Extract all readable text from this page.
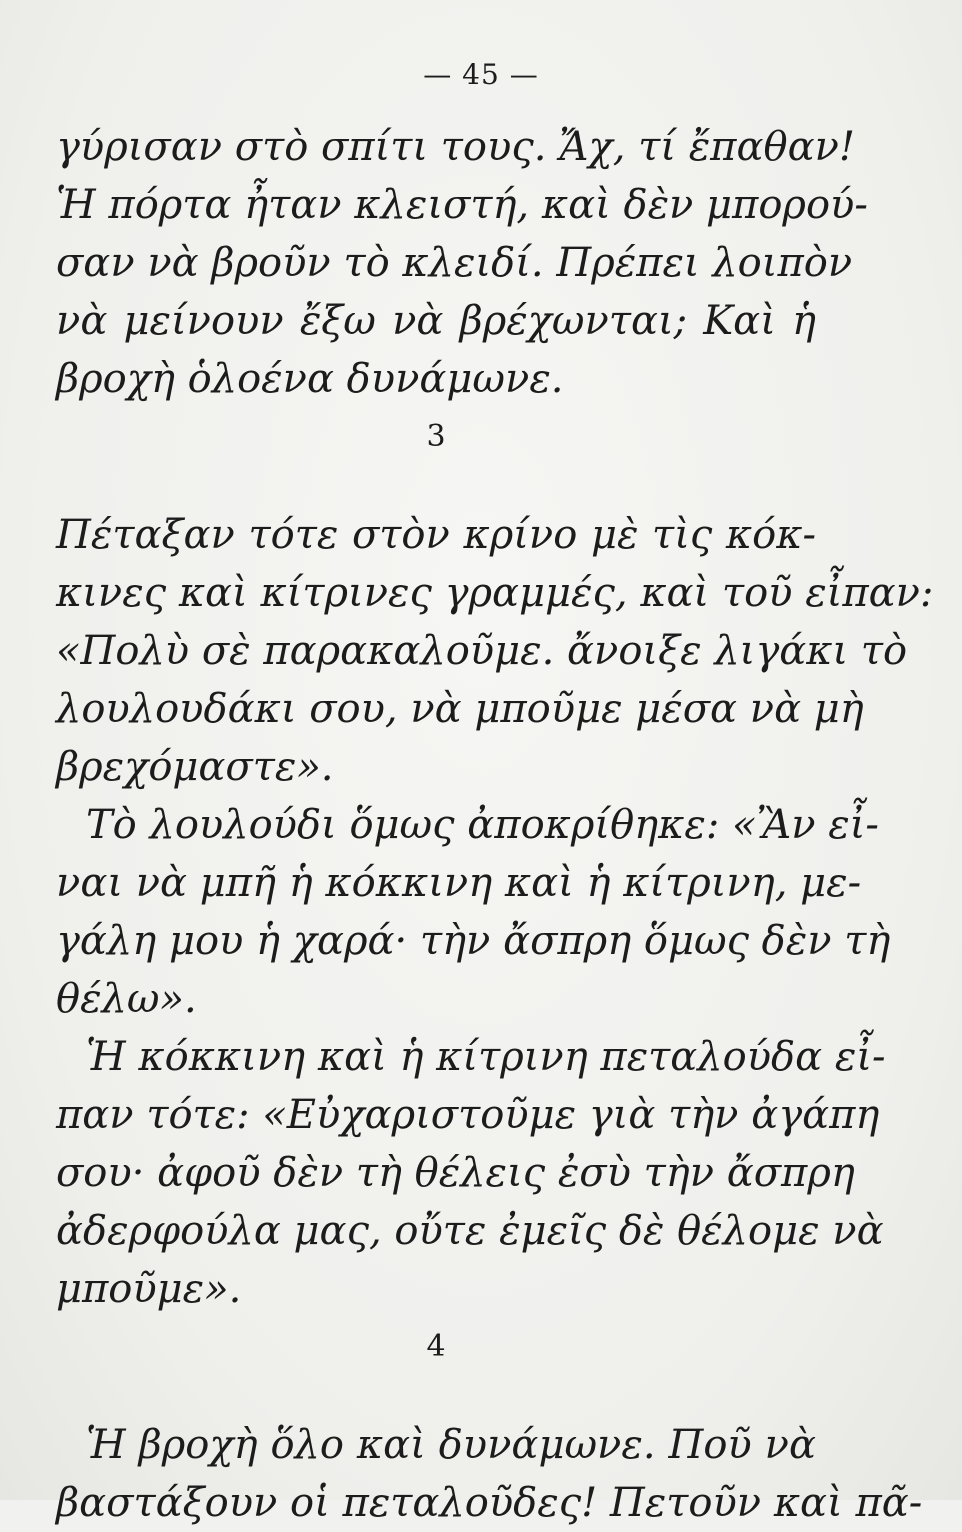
— 45 —
γύρισαν στὸ σπίτι τους. Ἄχ, τί ἔπαθαν!
Ἡ πόρτα ἦταν κλειστή, καὶ δὲν μπορού-
σαν νὰ βροῦν τὸ κλειδί. Πρέπει λοιπὸν
νὰ μείνουν ἔξω νὰ βρέχωνται; Καὶ ἡ
βροχὴ ὁλοένα δυνάμωνε.
3
Πέταξαν τότε στὸν κρίνο μὲ τὶς κόκ-
κινες καὶ κίτρινες γραμμές, καὶ τοῦ εἶπαν:
«Πολὺ σὲ παρακαλοῦμε. ἄνοιξε λιγάκι τὸ
λουλουδάκι σου, νὰ μποῦμε μέσα νὰ μὴ
βρεχόμαστε».
Τὸ λουλούδι ὅμως ἀποκρίθηκε: «Ἂν εἶ-
ναι νὰ μπῆ ἡ κόκκινη καὶ ἡ κίτρινη, με-
γάλη μου ἡ χαρά· τὴν ἄσπρη ὅμως δὲν τὴ
θέλω».
Ἡ κόκκινη καὶ ἡ κίτρινη πεταλούδα εἶ-
παν τότε: «Εὐχαριστοῦμε γιὰ τὴν ἀγάπη
σου· ἀφοῦ δὲν τὴ θέλεις ἐσὺ τὴν ἄσπρη
ἀδερφούλα μας, οὔτε ἐμεῖς δὲ θέλομε νὰ
μποῦμε».
4
Ἡ βροχὴ ὅλο καὶ δυνάμωνε. Ποῦ νὰ
βαστάξουν οἱ πεταλοῦδες! Πετοῦν καὶ πᾶ-
